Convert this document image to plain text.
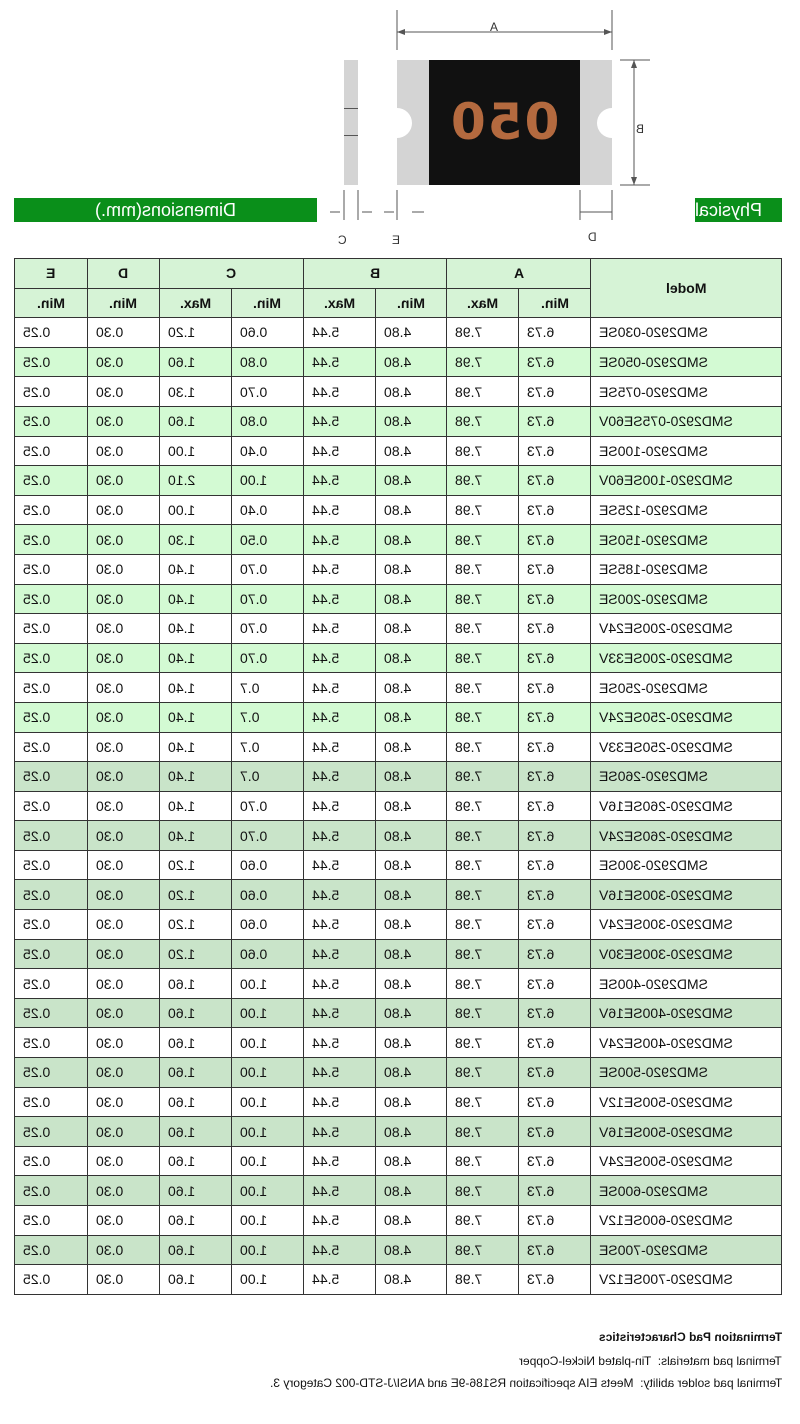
050
A
B
C	D
E
Physical
Dimensions(mm.)
E	D	C		B		A		Model
Min.	Min.	Max.	Min.	Max.	Min.	Max.	Min.	
0.25	0.30	1.20	0.60	5.44	4.80	7.98	6.73	SMD2920-030SE
0.25	0.30	1.60	0.80	5.44	4.80	7.98	6.73	SMD2920-050SE
0.25	0.30	1.30	0.70	5.44	4.80	7.98	6.73	SMD2920-075SE
0.25	0.30	1.60	0.80	5.44	4.80	7.98	6.73	SMD2920-075SE60V
0.25	0.30	1.00	0.40	5.44	4.80	7.98	6.73	SMD2920-100SE
0.25	0.30	2.10	1.00	5.44	4.80	7.98	6.73	SMD2920-100SE60V
0.25	0.30	1.00	0.40	5.44	4.80	7.98	6.73	SMD2920-125SE
0.25	0.30	1.30	0.50	5.44	4.80	7.98	6.73	SMD2920-150SE
0.25	0.30	1.40	0.70	5.44	4.80	7.98	6.73	SMD2920-185SE
0.25	0.30	1.40	0.70	5.44	4.80	7.98	6.73	SMD2920-200SE
0.25	0.30	1.40	0.70	5.44	4.80	7.98	6.73	SMD2920-200SE24V
0.25	0.30	1.40	0.70	5.44	4.80	7.98	6.73	SMD2920-200SE33V
0.25	0.30	1.40	0.7	5.44	4.80	7.98	6.73	SMD2920-250SE
0.25	0.30	1.40	0.7	5.44	4.80	7.98	6.73	SMD2920-250SE24V
0.25	0.30	1.40	0.7	5.44	4.80	7.98	6.73	SMD2920-250SE33V
0.25	0.30	1.40	0.7	5.44	4.80	7.98	6.73	SMD2920-260SE
0.25	0.30	1.40	0.70	5.44	4.80	7.98	6.73	SMD2920-260SE16V
0.25	0.30	1.40	0.70	5.44	4.80	7.98	6.73	SMD2920-260SE24V
0.25	0.30	1.20	0.60	5.44	4.80	7.98	6.73	SMD2920-300SE
0.25	0.30	1.20	0.60	5.44	4.80	7.98	6.73	SMD2920-300SE16V
0.25	0.30	1.20	0.60	5.44	4.80	7.98	6.73	SMD2920-300SE24V
0.25	0.30	1.20	0.60	5.44	4.80	7.98	6.73	SMD2920-300SE30V
0.25	0.30	1.60	1.00	5.44	4.80	7.98	6.73	SMD2920-400SE
0.25	0.30	1.60	1.00	5.44	4.80	7.98	6.73	SMD2920-400SE16V
0.25	0.30	1.60	1.00	5.44	4.80	7.98	6.73	SMD2920-400SE24V
0.25	0.30	1.60	1.00	5.44	4.80	7.98	6.73	SMD2920-500SE
0.25	0.30	1.60	1.00	5.44	4.80	7.98	6.73	SMD2920-500SE12V
0.25	0.30	1.60	1.00	5.44	4.80	7.98	6.73	SMD2920-500SE16V
0.25	0.30	1.60	1.00	5.44	4.80	7.98	6.73	SMD2920-500SE24V
0.25	0.30	1.60	1.00	5.44	4.80	7.98	6.73	SMD2920-600SE
0.25	0.30	1.60	1.00	5.44	4.80	7.98	6.73	SMD2920-600SE12V
0.25	0.30	1.60	1.00	5.44	4.80	7.98	6.73	SMD2920-700SE
0.25	0.30	1.60	1.00	5.44	4.80	7.98	6.73	SMD2920-700SE12V
Termination Pad Characteristics
Terminal pad materials:  Tin-plated Nickel-Copper
Terminal pad solder ability:  Meets EIA specification RS186-9E and ANSI/J-STD-002 Category 3.
